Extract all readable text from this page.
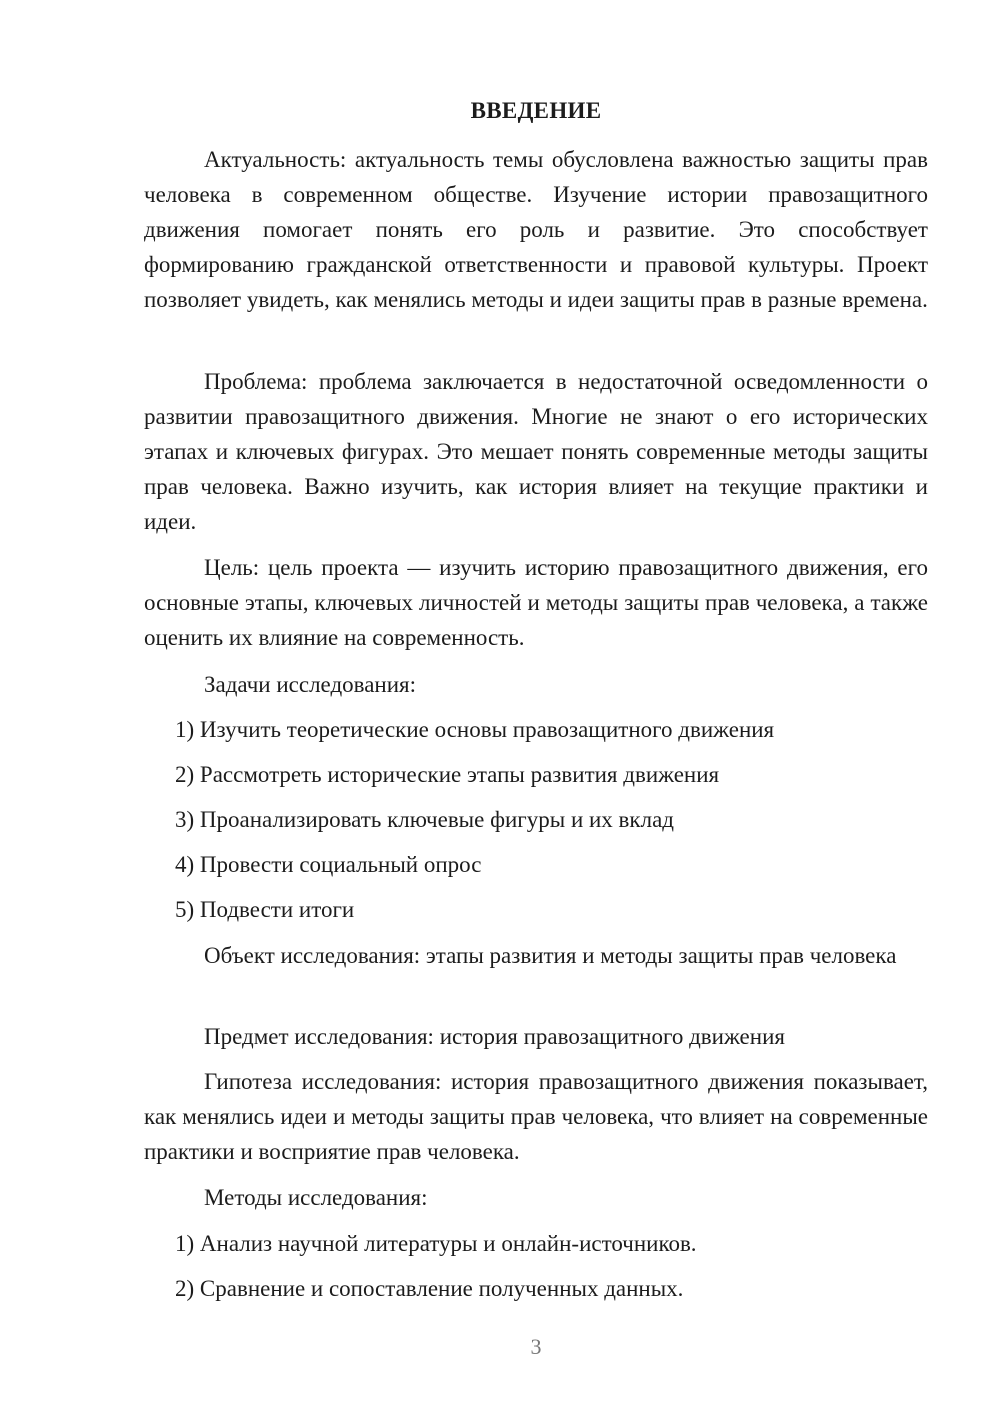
ВВЕДЕНИЕ
Актуальность: актуальность темы обусловлена важностью защиты прав человека в современном обществе. Изучение истории правозащитного движения помогает понять его роль и развитие. Это способствует формированию гражданской ответственности и правовой культуры. Проект позволяет увидеть, как менялись методы и идеи защиты прав в разные времена.
Проблема: проблема заключается в недостаточной осведомленности о развитии правозащитного движения. Многие не знают о его исторических этапах и ключевых фигурах. Это мешает понять современные методы защиты прав человека. Важно изучить, как история влияет на текущие практики и идеи.
Цель: цель проекта — изучить историю правозащитного движения, его основные этапы, ключевых личностей и методы защиты прав человека, а также оценить их влияние на современность.
Задачи исследования:
1) Изучить теоретические основы правозащитного движения
2) Рассмотреть исторические этапы развития движения
3) Проанализировать ключевые фигуры и их вклад
4) Провести социальный опрос
5) Подвести итоги
Объект исследования: этапы развития и методы защиты прав человека
Предмет исследования: история правозащитного движения
Гипотеза исследования: история правозащитного движения показывает, как менялись идеи и методы защиты прав человека, что влияет на современные практики и восприятие прав человека.
Методы исследования:
1) Анализ научной литературы и онлайн-источников.
2) Сравнение и сопоставление полученных данных.
3
